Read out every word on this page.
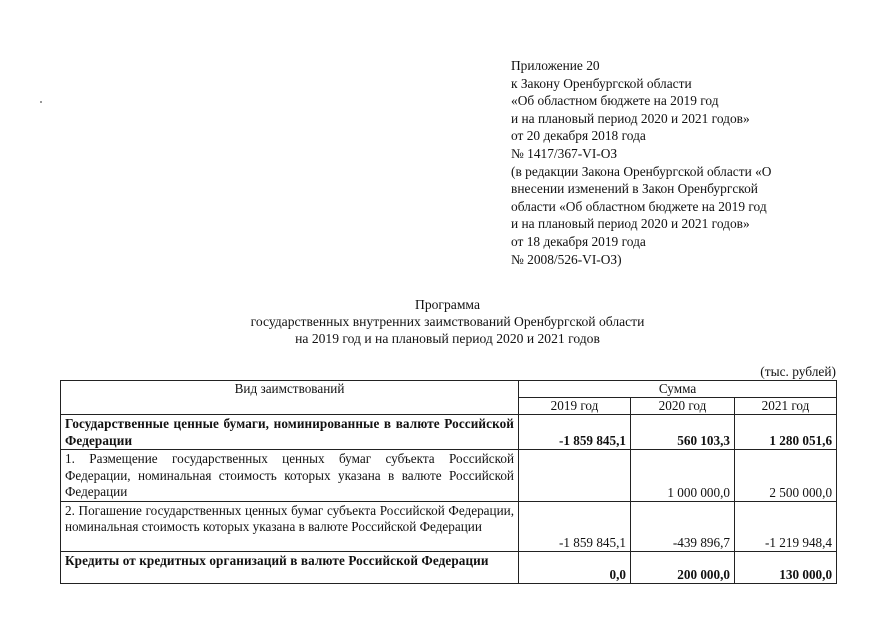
Приложение 20
к Закону Оренбургской области
«Об областном бюджете на 2019 год
и на плановый период 2020 и 2021 годов»
от 20 декабря 2018 года
№ 1417/367-VI-ОЗ
(в редакции Закона Оренбургской области «О
внесении изменений в Закон Оренбургской
области «Об областном бюджете на 2019 год
и на плановый период 2020 и 2021 годов»
от 18 декабря 2019 года
№ 2008/526-VI-ОЗ)
Программа
государственных внутренних заимствований Оренбургской области
на 2019 год и на плановый период 2020 и 2021 годов
(тыс. рублей)
Вид заимствований	Сумма		
	2019 год	2020 год	2021 год
Государственные ценные бумаги, номинированные в валюте Российской Федерации	-1 859 845,1	560 103,3	1 280 051,6
1. Размещение государственных ценных бумаг субъекта Российской Федерации, номинальная стоимость которых указана в валюте Российской Федерации		1 000 000,0	2 500 000,0
2. Погашение государственных ценных бумаг субъекта Российской Федерации, номинальная стоимость которых указана в валюте Российской Федерации	-1 859 845,1	-439 896,7	-1 219 948,4
Кредиты от кредитных организаций в валюте Российской Федерации	0,0	200 000,0	130 000,0
